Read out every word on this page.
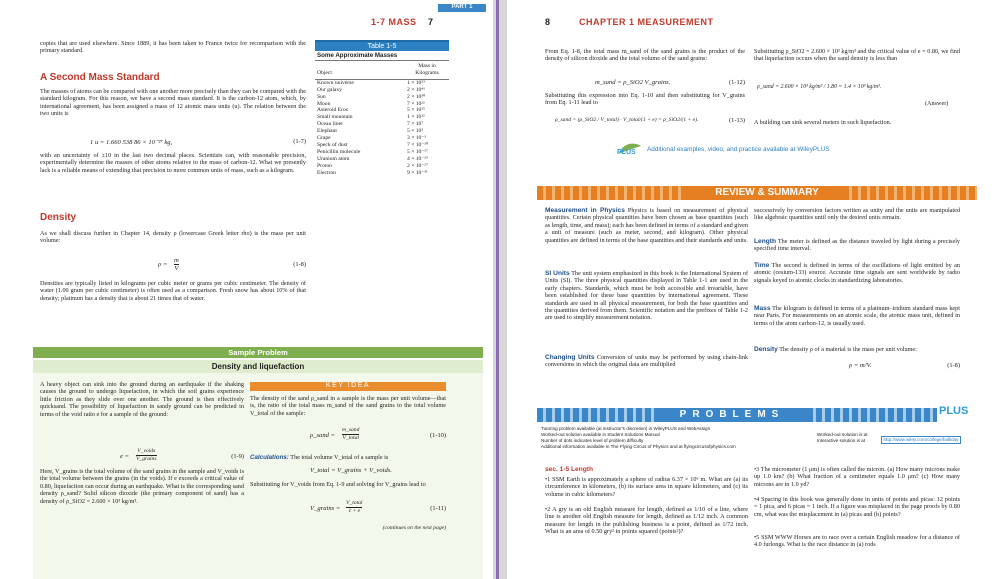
PART 1
1-7 MASS 7
copies that are used elsewhere. Since 1889, it has been taken to France twice for recomparison with the primary standard.
A Second Mass Standard
The masses of atoms can be compared with one another more precisely than they can be compared with the standard kilogram. For this reason, we have a second mass standard. It is the carbon-12 atom, which, by international agreement, has been assigned a mass of 12 atomic mass units (u). The relation between the two units is
1 u = 1.660 538 86 × 10⁻²⁷ kg,	(1-7)
with an uncertainty of ±10 in the last two decimal places. Scientists can, with reasonable precision, experimentally determine the masses of other atoms relative to the mass of carbon-12. What we presently lack is a reliable means of extending that precision to more common units of mass, such as a kilogram.
Density
As we shall discuss further in Chapter 14, density ρ (lowercase Greek letter rho) is the mass per unit volume:
$\rho = \frac{m}{V}$	(1-8)
Densities are typically listed in kilograms per cubic meter or grams per cubic centimeter. The density of water (1.00 gram per cubic centimeter) is often used as a comparison. Fresh snow has about 10% of that density; platinum has a density that is about 21 times that of water.
Table 1-5
Some Approximate Masses
Object
Mass in Kilograms
Known universe	1 × 10⁵³
Our galaxy	2 × 10⁴¹
Sun	2 × 10³⁰
Moon	7 × 10²²
Asteroid Eros	5 × 10¹⁵
Small mountain	1 × 10¹²
Ocean liner	7 × 10⁷
Elephant	5 × 10³
Grape	3 × 10⁻³
Speck of dust	7 × 10⁻¹⁰
Penicillin molecule	5 × 10⁻¹⁷
Uranium atom	4 × 10⁻²⁵
Proton	2 × 10⁻²⁷
Electron	9 × 10⁻³¹
Sample Problem
Density and liquefaction
A heavy object can sink into the ground during an earthquake if the shaking causes the ground to undergo liquefaction, in which the soil grains experience little friction as they slide over one another. The ground is then effectively quicksand. The possibility of liquefaction in sandy ground can be predicted in terms of the void ratio e for a sample of the ground:
e =
V_voids
V_grains	(1-9)
Here, V_grains is the total volume of the sand grains in the sample and V_voids is the total volume between the grains (in the voids). If e exceeds a critical value of 0.80, liquefaction can occur during an earthquake. What is the corresponding sand density ρ_sand? Solid silicon dioxide (the primary component of sand) has a density of ρ_SiO2 = 2.600 × 10³ kg/m³.
KEY IDEA
The density of the sand ρ_sand in a sample is the mass per unit volume—that is, the ratio of the total mass m_sand of the sand grains to the total volume V_total of the sample:
ρ_sand =
m_sand
V_total	(1-10)
Calculations: The total volume V_total of a sample is
V_total = V_grains + V_voids.
Substituting for V_voids from Eq. 1-9 and solving for V_grains lead to
V_grains =
V_total
1 + e	(1-11)
(continues on the next page)
8	CHAPTER 1 MEASUREMENT
From Eq. 1-8, the total mass m_sand of the sand grains is the product of the density of silicon dioxide and the total volume of the sand grains:
m_sand = ρ_SiO2 V_grains.	(1-12)
Substituting this expression into Eq. 1-10 and then substituting for V_grains from Eq. 1-11 lead to
ρ_sand = (ρ_SiO2 / V_total) · V_total/(1 + e) = ρ_SiO2/(1 + e).	(1-13)
Substituting ρ_SiO2 = 2.600 × 10³ kg/m³ and the critical value of e = 0.80, we find that liquefaction occurs when the sand density is less than
ρ_sand = 2.600 × 10³ kg/m³ / 1.80 = 1.4 × 10³ kg/m³.
(Answer)
A building can sink several meters in such liquefaction.
PLUS Additional examples, video, and practice available at WileyPLUS
REVIEW & SUMMARY
Measurement in Physics Physics is based on measurement of physical quantities. Certain physical quantities have been chosen as base quantities (such as length, time, and mass); each has been defined in terms of a standard and given a unit of measure (such as meter, second, and kilogram). Other physical quantities are defined in terms of the base quantities and their standards and units.
SI Units The unit system emphasized in this book is the International System of Units (SI). The three physical quantities displayed in Table 1-1 are used in the early chapters. Standards, which must be both accessible and invariable, have been established for these base quantities by international agreement. These standards are used in all physical measurement, for both the base quantities and the quantities derived from them. Scientific notation and the prefixes of Table 1-2 are used to simplify measurement notation.
Changing Units Conversion of units may be performed by using chain-link conversions in which the original data are multiplied
successively by conversion factors written as unity and the units are manipulated like algebraic quantities until only the desired units remain.
Length The meter is defined as the distance traveled by light during a precisely specified time interval.
Time The second is defined in terms of the oscillations of light emitted by an atomic (cesium-133) source. Accurate time signals are sent worldwide by radio signals keyed to atomic clocks in standardizing laboratories.
Mass The kilogram is defined in terms of a platinum–iridium standard mass kept near Paris. For measurements on an atomic scale, the atomic mass unit, defined in terms of the atom carbon-12, is usually used.
Density The density ρ of a material is the mass per unit volume:
ρ = m/V.	(1-8)
PROBLEMS	PLUS
Tutoring problem available (at instructor's discretion) in WileyPLUS and WebAssign
Worked-out solution available in Student Solutions Manual
Number of dots indicates level of problem difficulty
Additional information available in The Flying Circus of Physics and at flyingcircusofphysics.com
Worked-out solution is at
Interactive solution is at	http://www.wiley.com/college/halliday
sec. 1-5 Length
•1 SSM Earth is approximately a sphere of radius 6.37 × 10⁶ m. What are (a) its circumference in kilometers, (b) its surface area in square kilometers, and (c) its volume in cubic kilometers?
•2 A gry is an old English measure for length, defined as 1/10 of a line, where line is another old English measure for length, defined as 1/12 inch. A common measure for length in the publishing business is a point, defined as 1/72 inch. What is an area of 0.50 gry² in points squared (points²)?
•3 The micrometer (1 μm) is often called the micron. (a) How many microns make up 1.0 km? (b) What fraction of a centimeter equals 1.0 μm? (c) How many microns are in 1.0 yd?
•4 Spacing in this book was generally done in units of points and picas: 12 points = 1 pica, and 6 picas = 1 inch. If a figure was misplaced in the page proofs by 0.80 cm, what was the misplacement in (a) picas and (b) points?
•5 SSM WWW Horses are to race over a certain English meadow for a distance of 4.0 furlongs. What is the race distance in (a) rods
